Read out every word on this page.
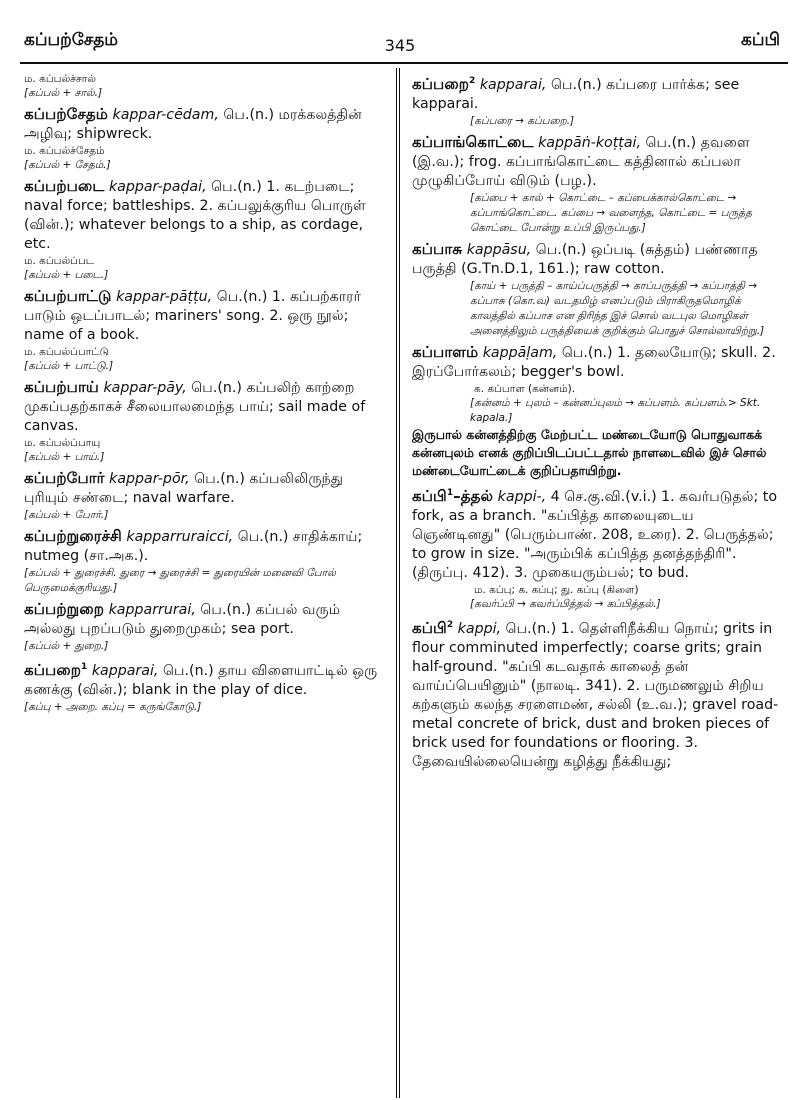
கப்பற்சேதம்	345	கப்பி

ம. கப்பல்ச்சால்

[கப்பல் + சால்.]

கப்பற்சேதம் kappar-cēdam, பெ.(n.) மரக்கலத்தின் அழிவு; shipwreck.

ம. கப்பல்ச்சேதம்

[கப்பல் + சேதம்.]

கப்பற்படை kappar-paḍai, பெ.(n.) 1. கடற்படை; naval force; battleships. 2. கப்பலுக்குரிய பொருள் (வின்.); whatever belongs to a ship, as cordage, etc.

ம. கப்பல்ப்பட

[கப்பல் + படை.]

கப்பற்பாட்டு kappar-pāṭṭu, பெ.(n.) 1. கப்பற்காரர் பாடும் ஒடப்பாடல்; mariners' song. 2. ஒரு நூல்; name of a book.

ம. கப்பல்ப்பாட்டு

[கப்பல் + பாட்டு.]

கப்பற்பாய் kappar-pāy, பெ.(n.) கப்பலிற் காற்றை முகப்பதற்காகச் சீலையாலமைந்த பாய்; sail made of canvas.

ம. கப்பல்ப்பாயு

[கப்பல் + பாய்.]

கப்பற்போர் kappar-pōr, பெ.(n.) கப்பலிலிருந்து புரியும் சண்டை; naval warfare.

[கப்பல் + போர்.]

கப்பற்றுரைச்சி kapparruraicci, பெ.(n.) சாதிக்காய்; nutmeg (சா.அக.).

[கப்பல் + துரைச்சி. துரை → துரைச்சி = துரையின் மனைவி போல் பெருமைக்குரியது.]

கப்பற்றுறை kapparrurai, பெ.(n.) கப்பல் வரும் அல்லது புறப்படும் துறைமுகம்; sea port.

[கப்பல் + துறை.]

கப்பறை$^1$ kapparai, பெ.(n.) தாய விளையாட்டில் ஒரு கணக்கு (வின்.); blank in the play of dice.

[கப்பு + அறை. கப்பு = கருங்கோடு.]

கப்பறை$^2$ kapparai, பெ.(n.) கப்பரை பார்க்க; see kapparai.

[கப்பரை → கப்பறை.]

கப்பாங்கொட்டை kappāṅ-koṭṭai, பெ.(n.) தவளை (இ.வ.); frog. கப்பாங்கொட்டை கத்தினால் கப்பலா முழுகிப்போய் விடும் (பழ.).

[கப்பை + கால் + கொட்டை – கப்பைக்கால்கொட்டை → கப்பாங்கொட்டை. கப்பை → வளைந்த, கொட்டை = பருத்த கொட்டை போன்று உப்பி இருப்பது.]

கப்பாசு kappāsu, பெ.(n.) ஒப்படி (சுத்தம்) பண்ணாத பருத்தி (G.Tn.D.1, 161.); raw cotton.

[காய் + பருத்தி – காய்ப்பருத்தி → காப்பருத்தி → கப்பாத்தி → கப்பாசு (கொ.வ) வடதமிழ் எனப்படும் பிராகிருதமொழிக் காலத்தில் கப்பாச என திரிந்த இச் சொல் வடபுல மொழிகள் அனைத்திலும் பருத்தியைக் குறிக்கும் பொதுச் சொல்லாயிற்று.]

கப்பாளம் kappāḷam, பெ.(n.) 1. தலையோடு; skull. 2. இரப்போர்கலம்; begger's bowl.

க. கப்பாள (கன்னம்).

[கன்னம் + புலம் – கன்னப்புலம் → கப்பளம். கப்பளம்.> Skt. kapala.]

இருபால் கன்னத்திற்கு மேற்பட்ட மண்டையோடு பொதுவாகக் கன்னபுலம் எனக் குறிப்பிடப்பட்டதால் நாளடைவில் இச் சொல் மண்டையோட்டைக் குறிப்பதாயிற்று.

கப்பி$^1$–த்தல் kappi-, 4 செ.கு.வி.(v.i.) 1. கவர்படுதல்; to fork, as a branch. "கப்பித்த காலையுடைய ஞெண்டினது" (பெரும்பாண். 208, உரை). 2. பெருத்தல்; to grow in size. "அரும்பிக் கப்பித்த தனத்தந்திரி". (திருப்பு. 412). 3. முகையரும்பல்; to bud.

ம. கப்பு; க. கப்பு; து. கப்பு (கிளை)

[கவர்ப்பி → கவர்ப்பித்தல் → கப்பித்தல்.]

கப்பி$^2$ kappi, பெ.(n.) 1. தெள்ளிநீக்கிய நொய்; grits in flour comminuted imperfectly; coarse grits; grain half-ground. "கப்பி கடவதாக் காலைத் தன் வாய்ப்பெயினும்" (நாலடி. 341). 2. பருமணலும் சிறிய கற்களும் கலந்த சரளைமண், சல்லி (உ.வ.); gravel road-metal concrete of brick, dust and broken pieces of brick used for foundations or flooring. 3. தேவையில்லையென்று கழித்து நீக்கியது;
